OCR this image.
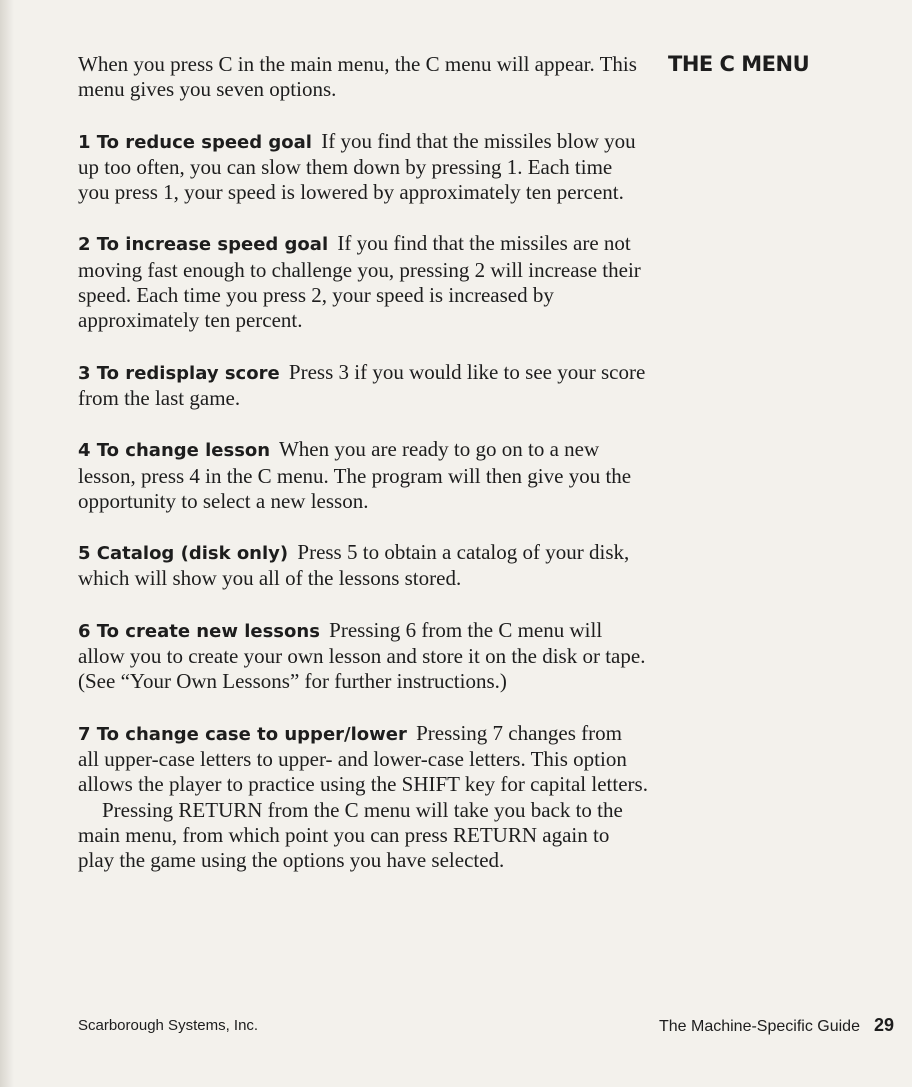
THE C MENU

When you press C in the main menu, the C menu will appear. This menu gives you seven options.

1 To reduce speed goal If you find that the missiles blow you up too often, you can slow them down by pressing 1. Each time you press 1, your speed is lowered by approximately ten percent.

2 To increase speed goal If you find that the missiles are not moving fast enough to challenge you, pressing 2 will increase their speed. Each time you press 2, your speed is increased by approximately ten percent.

3 To redisplay score Press 3 if you would like to see your score from the last game.

4 To change lesson When you are ready to go on to a new lesson, press 4 in the C menu. The program will then give you the opportunity to select a new lesson.

5 Catalog (disk only) Press 5 to obtain a catalog of your disk, which will show you all of the lessons stored.

6 To create new lessons Pressing 6 from the C menu will allow you to create your own lesson and store it on the disk or tape. (See “Your Own Lessons” for further instructions.)

7 To change case to upper/lower Pressing 7 changes from all upper-case letters to upper- and lower-case letters. This option allows the player to practice using the SHIFT key for capital letters.

Pressing RETURN from the C menu will take you back to the main menu, from which point you can press RETURN again to play the game using the options you have selected.

Scarborough Systems, Inc.	The Machine-Specific Guide 29
